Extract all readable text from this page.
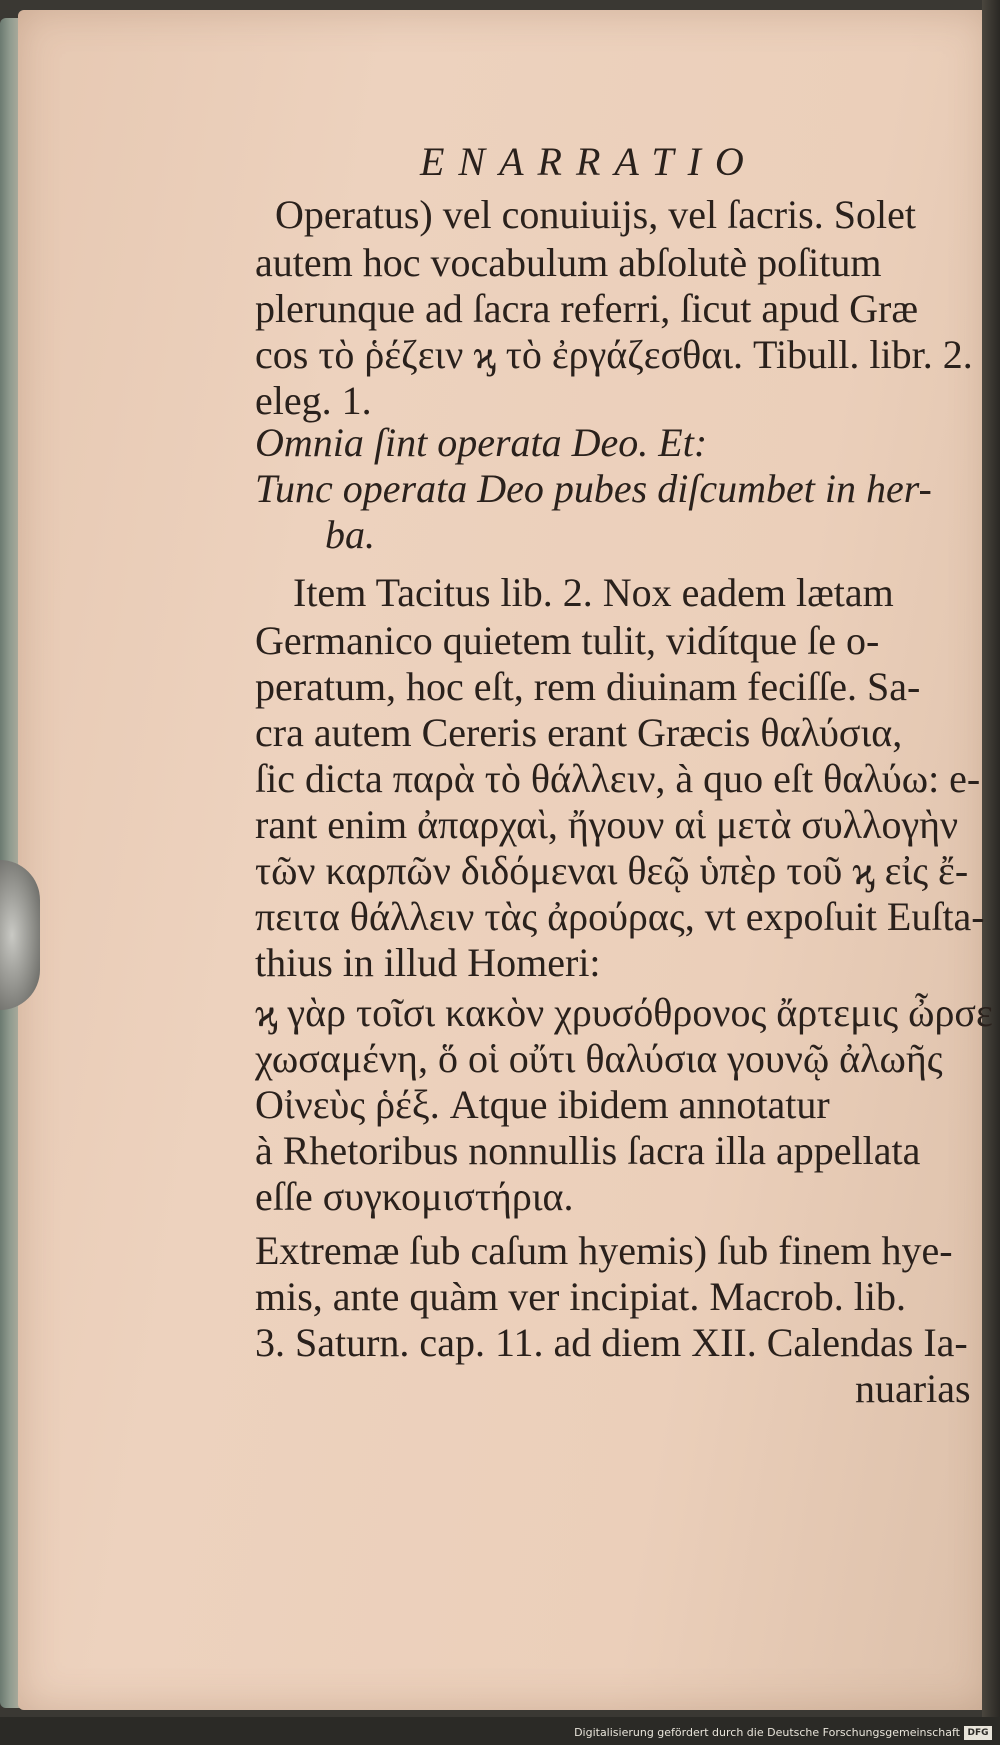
ENARRATIO
Operatus) vel conuiuijs, vel ſacris. Solet
autem hoc vocabulum abſolutè poſitum
plerunque ad ſacra referri, ſicut apud Græ
cos τὸ ῥέζειν ϗ τὸ ἐργάζεσθαι. Tibull. libr. 2.
eleg. 1.
Omnia ſint operata Deo. Et:
Tunc operata Deo pubes diſcumbet in her-
ba.
Item Tacitus lib. 2. Nox eadem lætam
Germanico quietem tulit, vidítque ſe o-
peratum, hoc eſt, rem diuinam feciſſe. Sa-
cra autem Cereris erant Græcis θαλύσια,
ſic dicta παρὰ τὸ θάλλειν, à quo eſt θαλύω: e-
rant enim ἀπαρχαὶ, ἤγουν αἱ μετὰ συλλογὴν
τῶν καρπῶν διδόμεναι θεῷ ὑπὲρ τοῦ ϗ εἰς ἔ-
πειτα θάλλειν τὰς ἀρούρας, vt expoſuit Euſta-
thius in illud Homeri:
ϗ γὰρ τοῖσι κακὸν χρυσόθρονος ἄρτεμις ὦρσε
χωσαμένη, ὅ οἱ οὔτι θαλύσια γουνῷ ἀλωῆς
Οἰνεὺς ῥέξ. Atque ibidem annotatur
à Rhetoribus nonnullis ſacra illa appellata
eſſe συγκομιστήρια.
Extremæ ſub caſum hyemis) ſub finem hye-
mis, ante quàm ver incipiat. Macrob. lib.
3. Saturn. cap. 11. ad diem XII. Calendas Ia-
nuarias
Digitalisierung gefördert durch die Deutsche Forschungsgemeinschaft DFG
